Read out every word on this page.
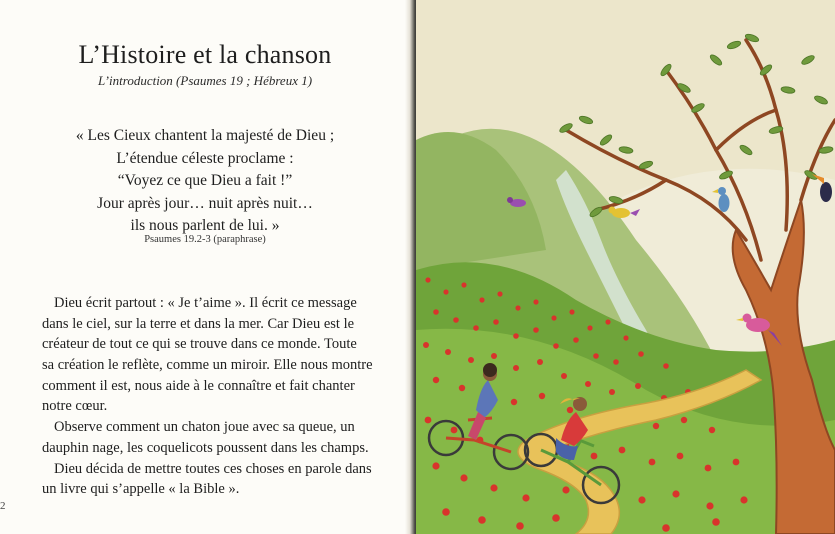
L’Histoire et la chanson
L’introduction (Psaumes 19 ; Hébreux 1)
« Les Cieux chantent la majesté de Dieu ;
L’étendue céleste proclame :
“Voyez ce que Dieu a fait !”
Jour après jour… nuit après nuit…
ils nous parlent de lui. »
Psaumes 19.2-3 (paraphrase)
Dieu écrit partout : « Je t’aime ». Il écrit ce message
dans le ciel, sur la terre et dans la mer. Car Dieu est le
créateur de tout ce qui se trouve dans ce monde. Toute
sa création le reflète, comme un miroir. Elle nous montre
comment il est, nous aide à le connaître et fait chanter
notre cœur.
Observe comment un chaton joue avec sa queue, un
dauphin nage, les coquelicots poussent dans les champs.
Dieu décida de mettre toutes ces choses en parole dans
un livre qui s’appelle « la Bible ».
2
